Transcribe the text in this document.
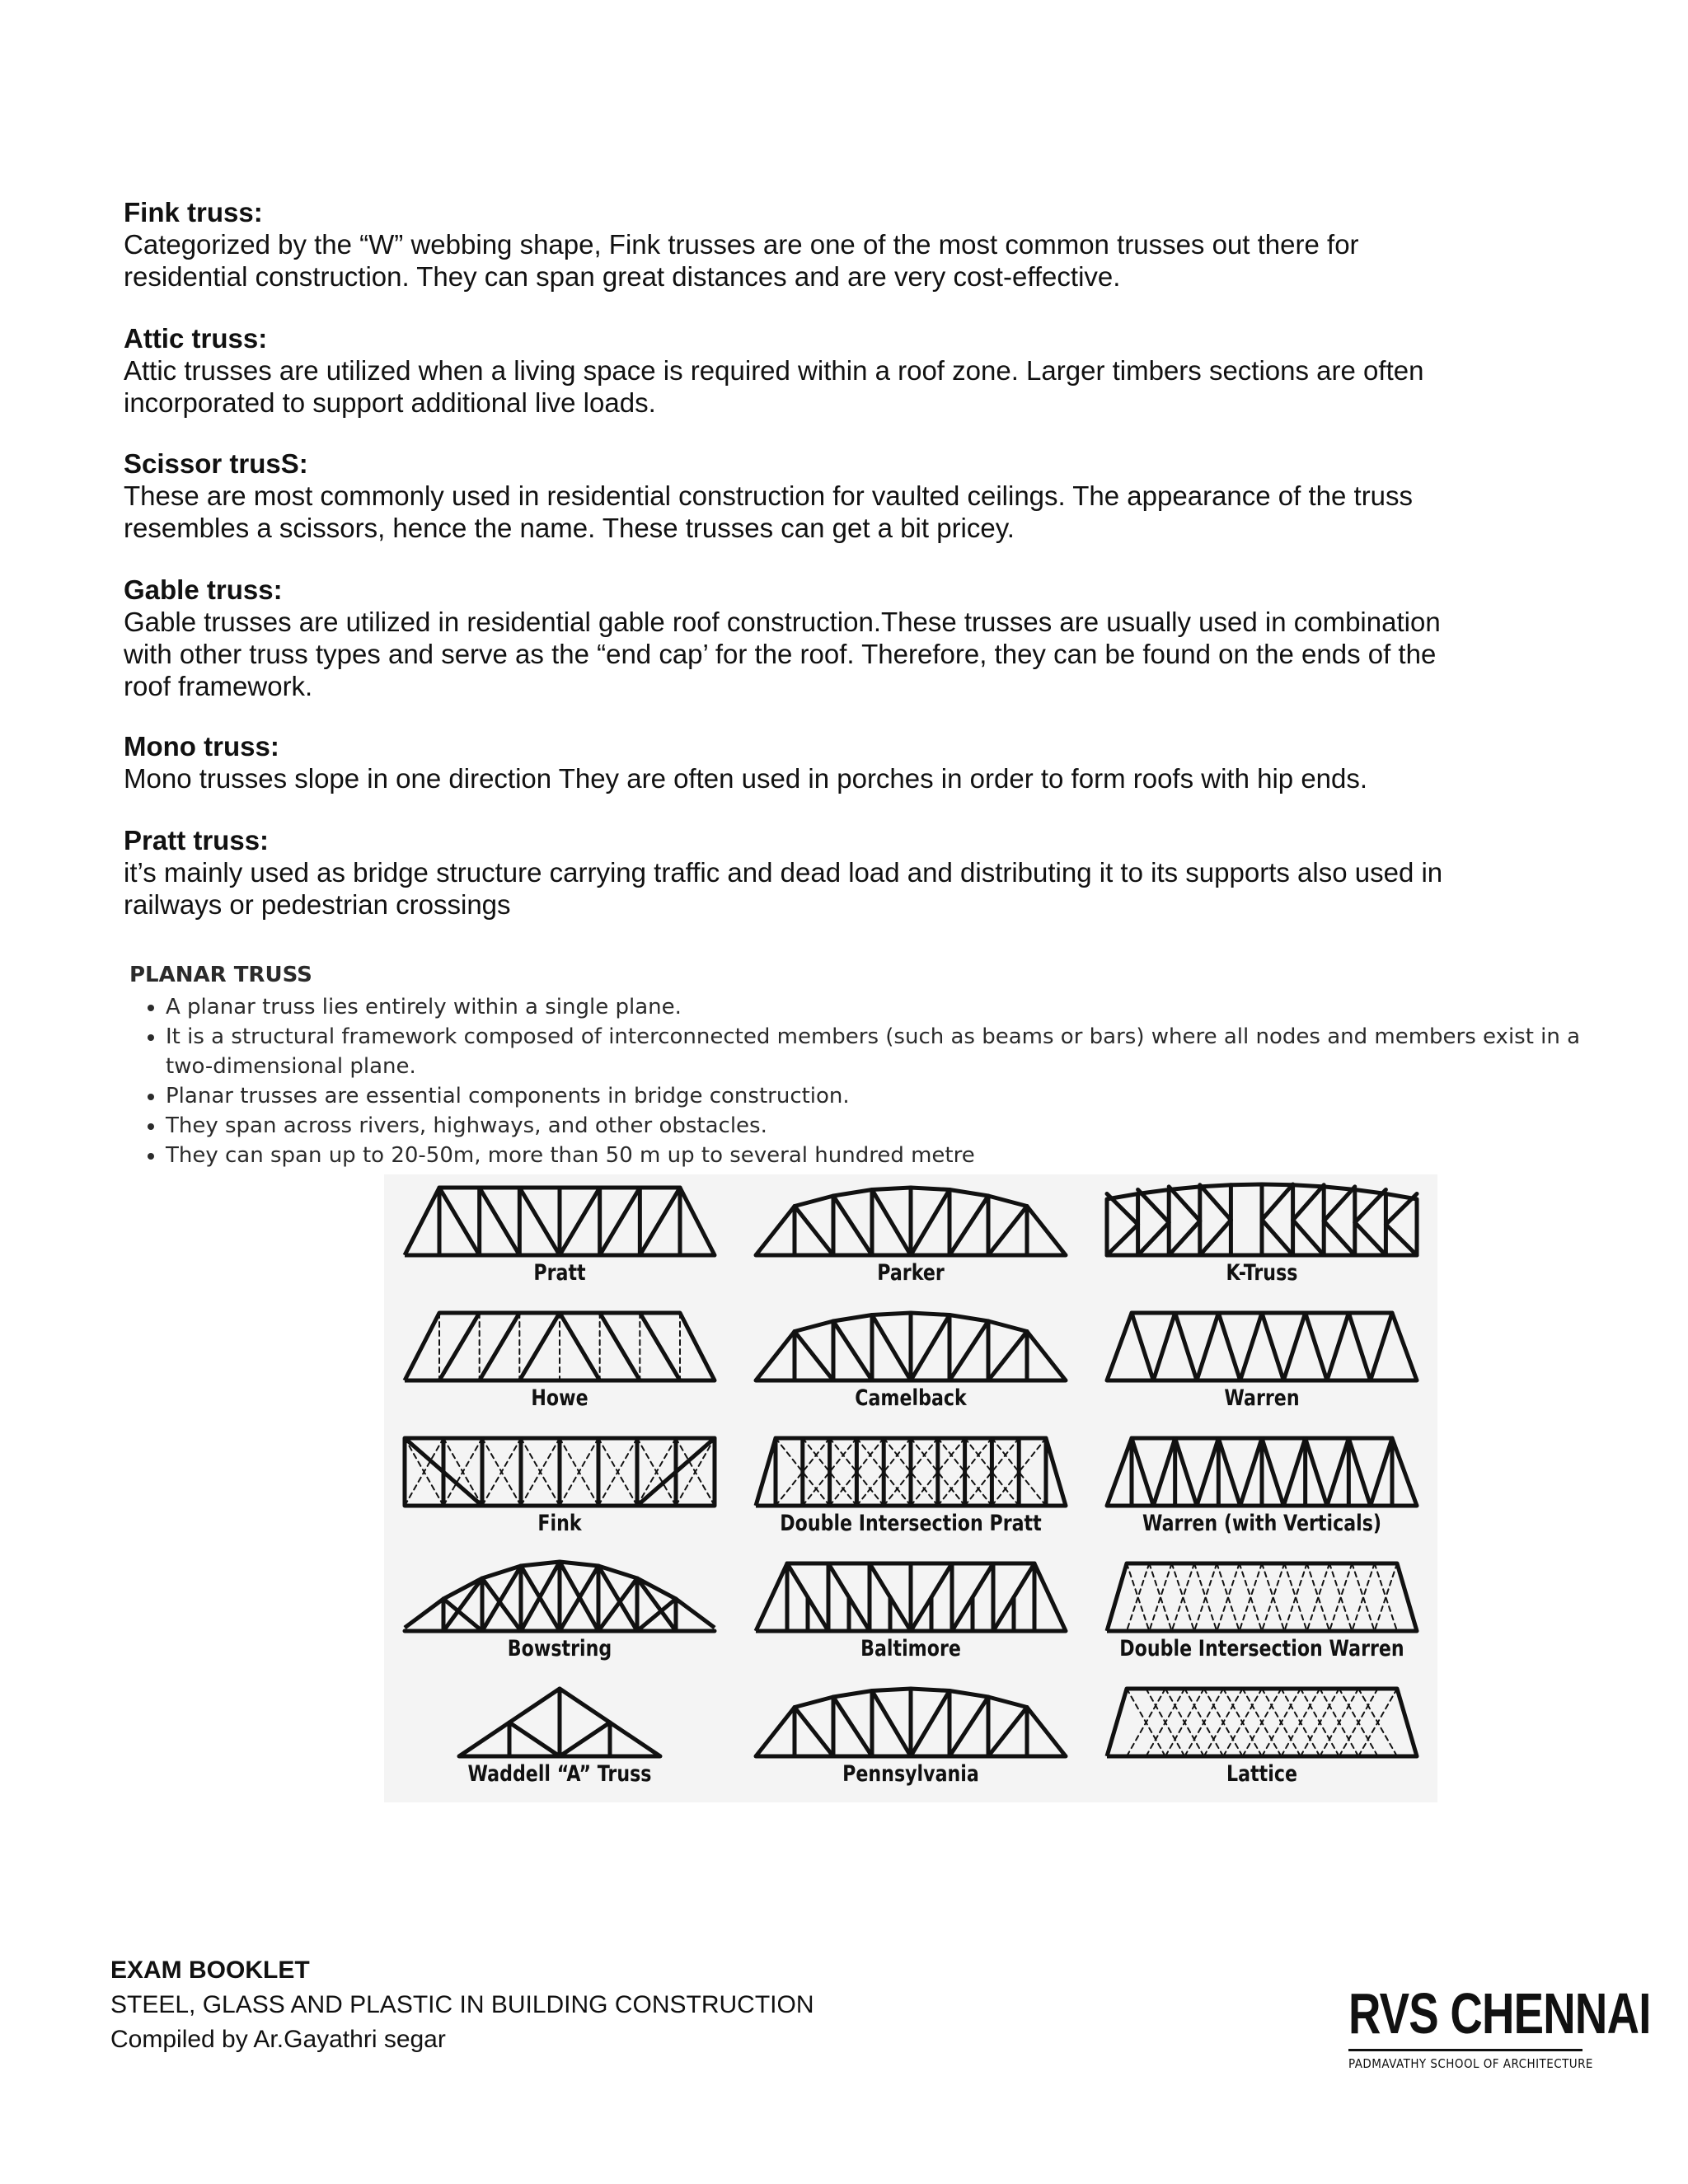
Fink truss:
Categorized by the “W” webbing shape, Fink trusses are one of the most common trusses out there for residential construction. They can span great distances and are very cost-effective.
Attic truss:
Attic trusses are utilized when a living space is required within a roof zone. Larger timbers sections are often incorporated to support additional live loads.
Scissor trusS:
These are most commonly used in residential construction for vaulted ceilings. The appearance of the truss resembles a scissors, hence the name. These trusses can get a bit pricey.
Gable truss:
Gable trusses are utilized in residential gable roof construction.These trusses are usually used in combination with other truss types and serve as the “end cap’ for the roof. Therefore, they can be found on the ends of the roof framework.
Mono truss:
Mono trusses slope in one direction They are often used in porches in order to form roofs with hip ends.
Pratt truss:
it’s mainly used as bridge structure carrying traffic and dead load and distributing it to its supports also used in railways or pedestrian crossings
PLANAR TRUSS
• A planar truss lies entirely within a single plane.
• It is a structural framework composed of interconnected members (such as beams or bars) where all nodes and members exist in a two-dimensional plane.
• Planar trusses are essential components in bridge construction.
• They span across rivers, highways, and other obstacles.
• They can span up to 20-50m, more than 50 m up to several hundred metre
Pratt	Parker	K-Truss
Howe	Camelback	Warren
Fink	Double Intersection Pratt	Warren (with Verticals)
Bowstring	Baltimore	Double Intersection Warren
Waddell “A” Truss	Pennsylvania	Lattice
EXAM BOOKLET
STEEL, GLASS AND PLASTIC IN BUILDING CONSTRUCTION
Compiled by Ar.Gayathri segar	RVS CHENNAI
PADMAVATHY SCHOOL OF ARCHITECTURE
